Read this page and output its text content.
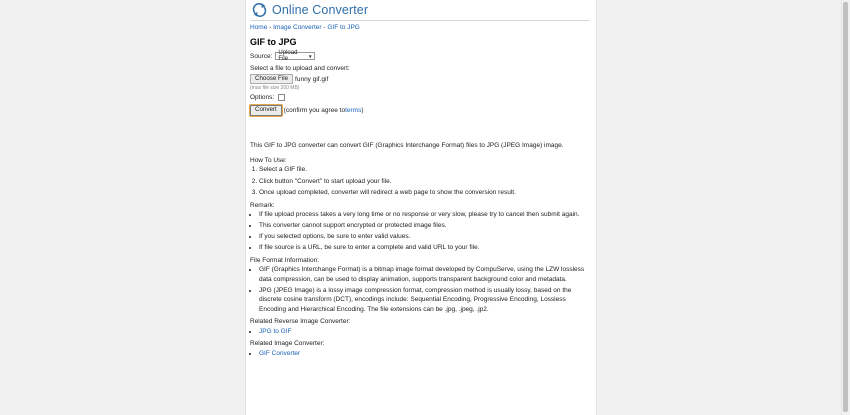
Online Converter
Home - Image Converter - GIF to JPG
GIF to JPG
Source: Upload File	▼
Select a file to upload and convert:
Choose File	funny gif.gif
(max file size 200 MB)
Options:
Convert	(confirm you agree to terms )

This GIF to JPG converter can convert GIF (Graphics Interchange Format) files to JPG (JPEG Image) image.

How To Use:
1. Select a GIF file.
2. Click button "Convert" to start upload your file.
3. Once upload completed, converter will redirect a web page to show the conversion result.
Remark:
• If file upload process takes a very long time or no response or very slow, please try to cancel then submit again.
• This converter cannot support encrypted or protected image files.
• If you selected options, be sure to enter valid values.
• If file source is a URL, be sure to enter a complete and valid URL to your file.
File Format Information:
• GIF (Graphics Interchange Format) is a bitmap image format developed by CompuServe, using the LZW lossless data compression, can be used to display animation, supports transparent background color and metadata.
• JPG (JPEG Image) is a lossy image compression format, compression method is usually lossy, based on the discrete cosine transform (DCT), encodings include: Sequential Encoding, Progressive Encoding, Lossless Encoding and Hierarchical Encoding. The file extensions can be .jpg, .jpeg, .jp2.
Related Reverse Image Converter:
• JPG to GIF
Related Image Converter:
• GIF Converter
